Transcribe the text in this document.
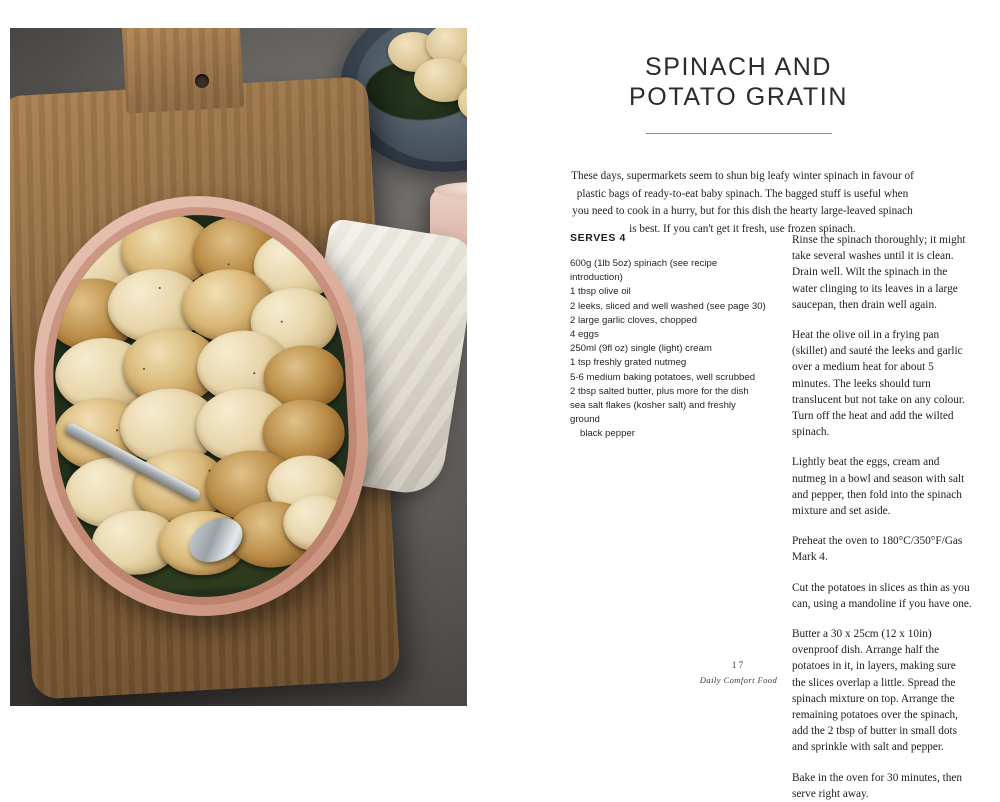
SPINACH AND
POTATO GRATIN
These days, supermarkets seem to shun big leafy winter spinach in favour of plastic bags of ready-to-eat baby spinach. The bagged stuff is useful when you need to cook in a hurry, but for this dish the hearty large-leaved spinach is best. If you can't get it fresh, use frozen spinach.
SERVES 4
600g (1lb 5oz) spinach (see recipe introduction)
1 tbsp olive oil
2 leeks, sliced and well washed (see page 30)
2 large garlic cloves, chopped
4 eggs
250ml (9fl oz) single (light) cream
1 tsp freshly grated nutmeg
5-6 medium baking potatoes, well scrubbed
2 tbsp salted butter, plus more for the dish
sea salt flakes (kosher salt) and freshly ground
black pepper

Rinse the spinach thoroughly; it might take several washes until it is clean. Drain well. Wilt the spinach in the water clinging to its leaves in a large saucepan, then drain well again.

Heat the olive oil in a frying pan (skillet) and sauté the leeks and garlic over a medium heat for about 5 minutes. The leeks should turn translucent but not take on any colour. Turn off the heat and add the wilted spinach.

Lightly beat the eggs, cream and nutmeg in a bowl and season with salt and pepper, then fold into the spinach mixture and set aside.

Preheat the oven to 180°C/350°F/Gas Mark 4.

Cut the potatoes in slices as thin as you can, using a mandoline if you have one.

Butter a 30 x 25cm (12 x 10in) ovenproof dish. Arrange half the potatoes in it, in layers, making sure the slices overlap a little. Spread the spinach mixture on top. Arrange the remaining potatoes over the spinach, add the 2 tbsp of butter in small dots and sprinkle with salt and pepper.

Bake in the oven for 30 minutes, then serve right away.

17
Daily Comfort Food
